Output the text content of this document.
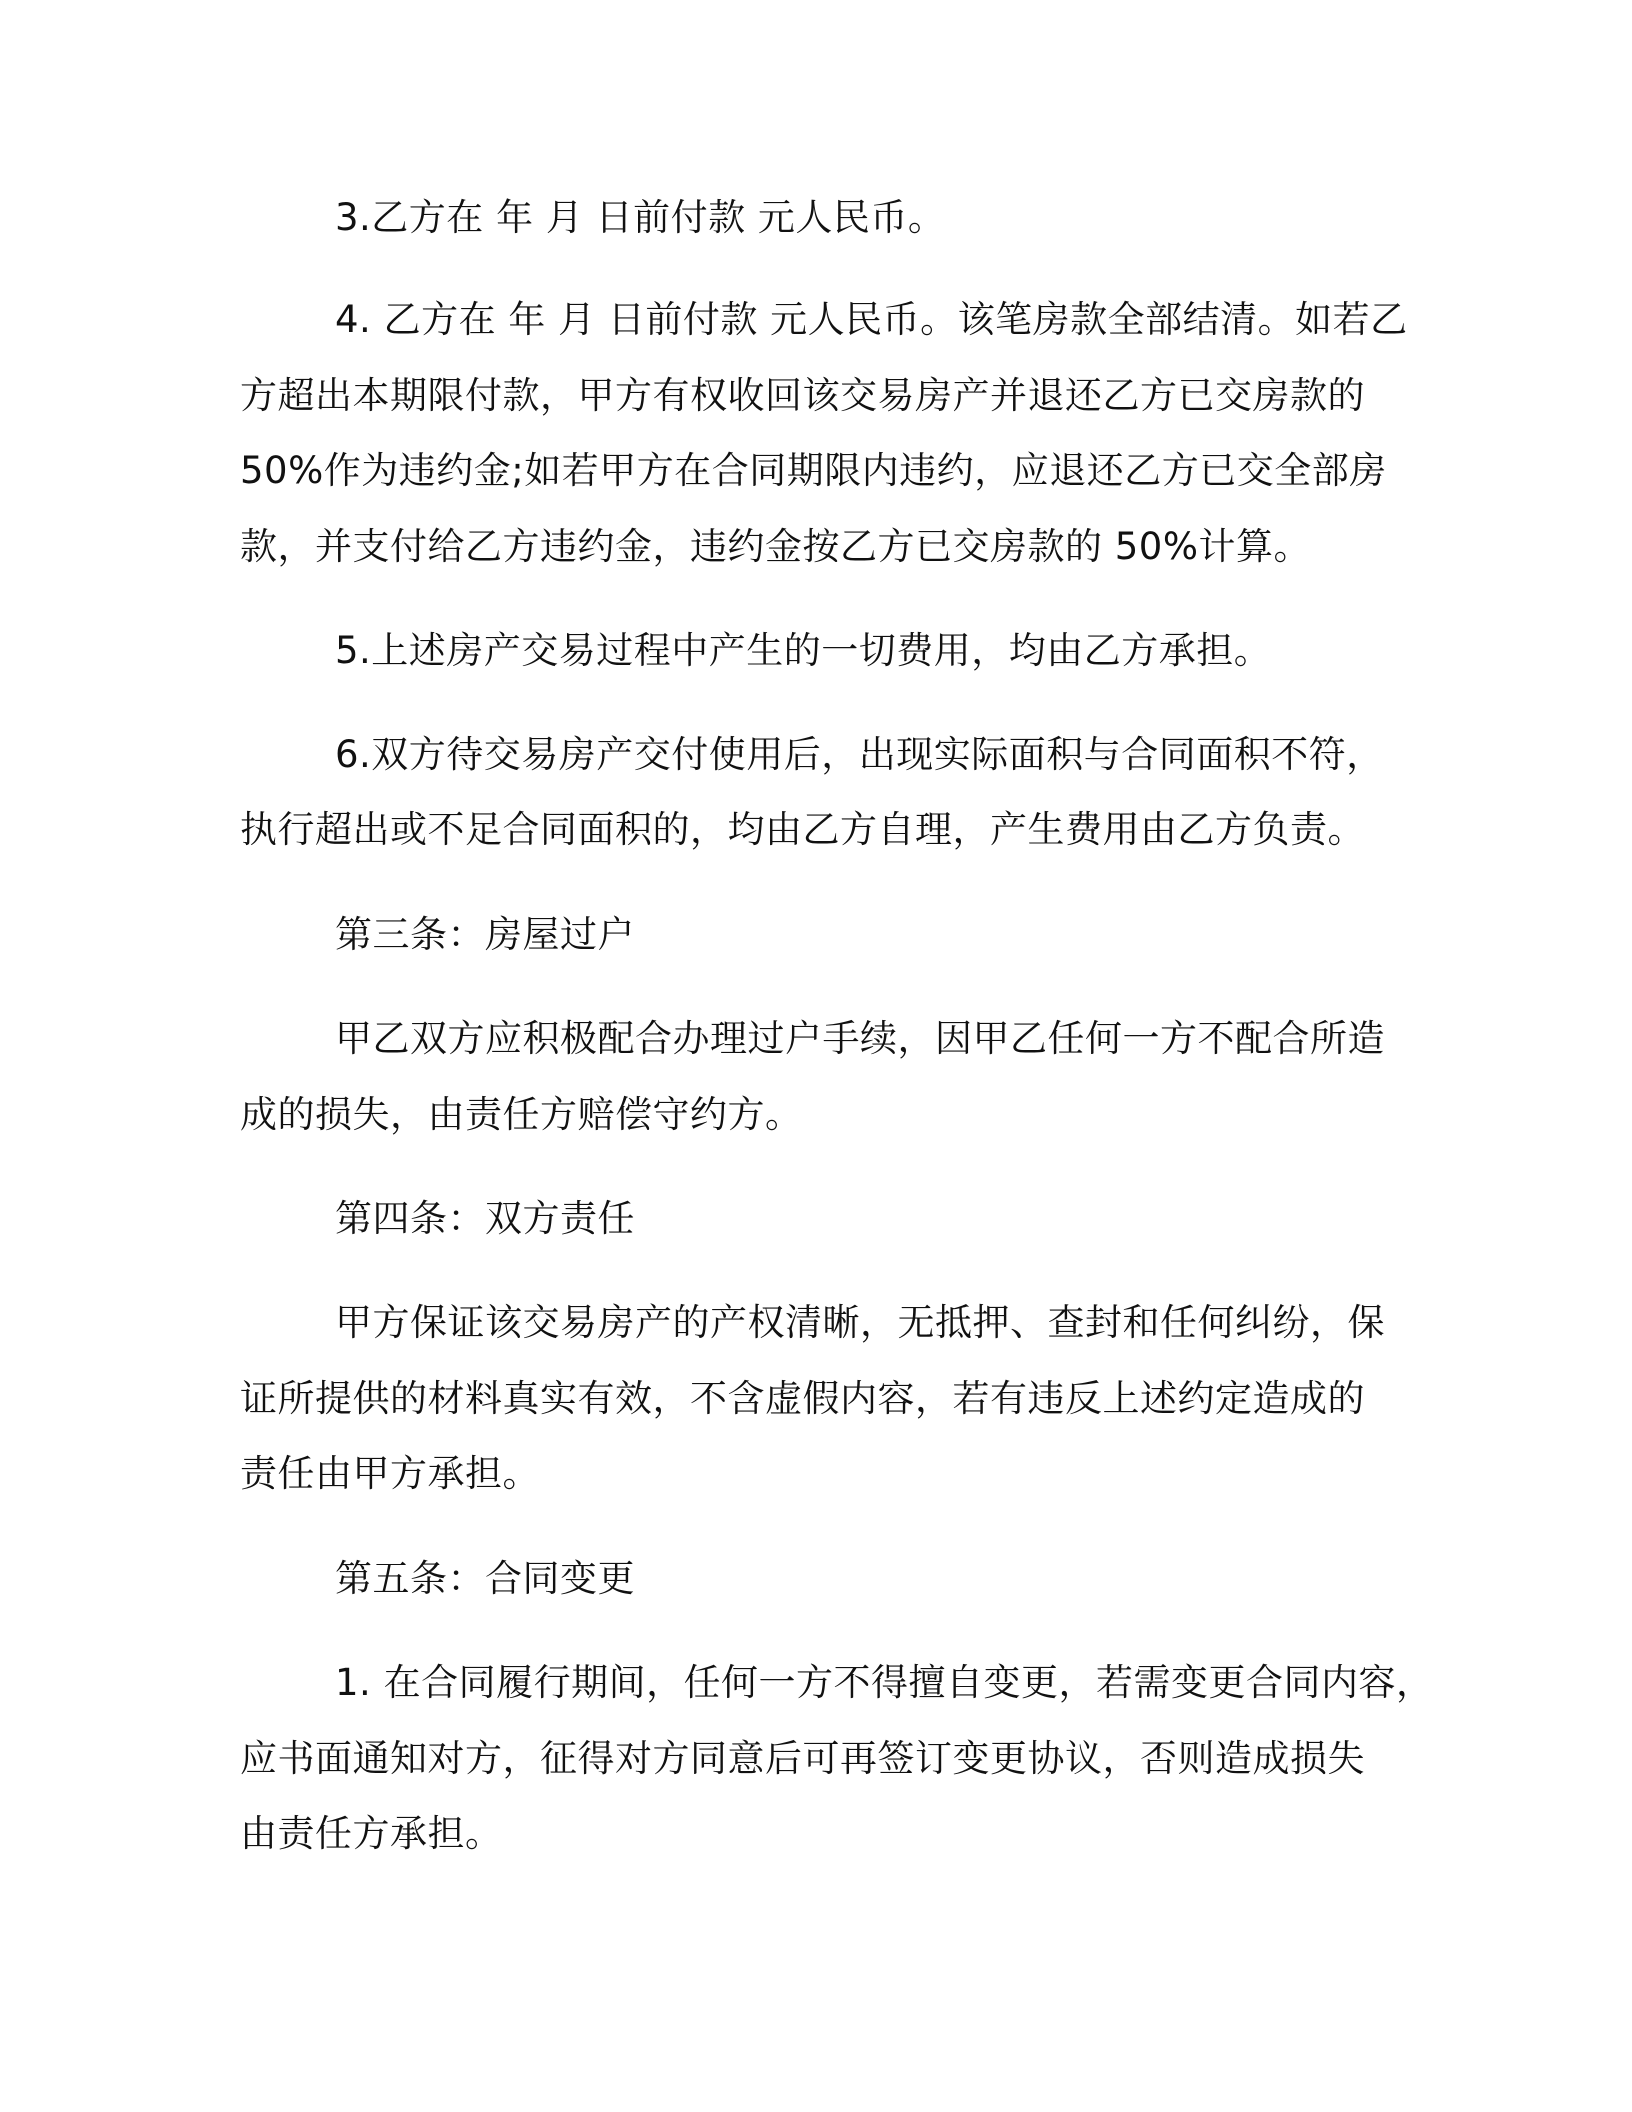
3.乙方在 年 月 日前付款 元人民币。
4. 乙方在 年 月 日前付款 元人民币。该笔房款全部结清。如若乙
方超出本期限付款，甲方有权收回该交易房产并退还乙方已交房款的
50%作为违约金;如若甲方在合同期限内违约，应退还乙方已交全部房
款，并支付给乙方违约金，违约金按乙方已交房款的 50%计算。
5.上述房产交易过程中产生的一切费用，均由乙方承担。
6.双方待交易房产交付使用后，出现实际面积与合同面积不符，
执行超出或不足合同面积的，均由乙方自理，产生费用由乙方负责。
第三条：房屋过户
甲乙双方应积极配合办理过户手续，因甲乙任何一方不配合所造
成的损失，由责任方赔偿守约方。
第四条：双方责任
甲方保证该交易房产的产权清晰，无抵押、查封和任何纠纷，保
证所提供的材料真实有效，不含虚假内容，若有违反上述约定造成的
责任由甲方承担。
第五条：合同变更
1. 在合同履行期间，任何一方不得擅自变更，若需变更合同内容，
应书面通知对方，征得对方同意后可再签订变更协议，否则造成损失
由责任方承担。
